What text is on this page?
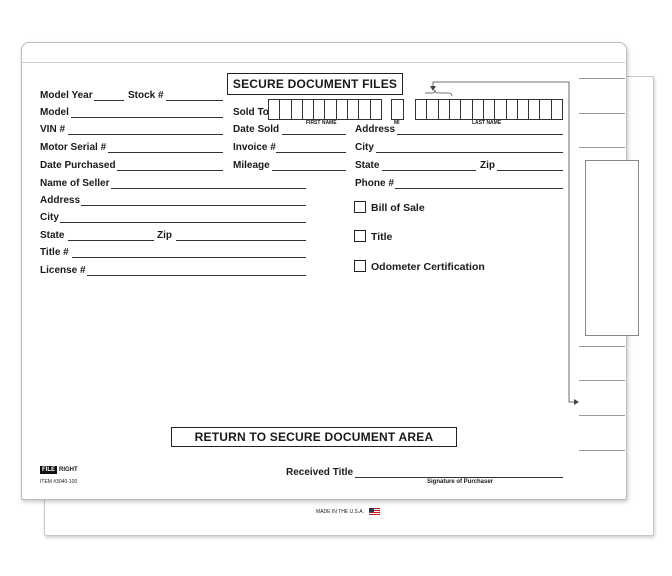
MADE IN THE U.S.A.
SECURE DOCUMENT FILES
Model Year	Stock #
Model
VIN #
Motor Serial #
Date Purchased
Name of Seller
Address
City
State	Zip
Title #
License #
Sold To
FIRST NAME	MI	LAST NAME
Date Sold	Address
Invoice #	City
Mileage	State	Zip
Phone #
Bill of Sale
Title
Odometer Certification
RETURN TO SECURE DOCUMENT AREA
Received Title
Signature of Purchaser
FILE RIGHT
ITEM #3040-100
